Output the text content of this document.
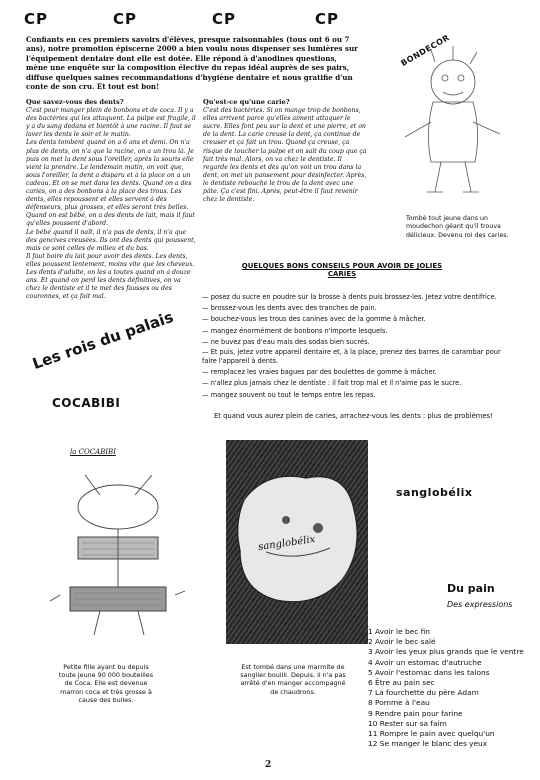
CP	CP	CP	CP
Confiants en ces premiers savoirs d'élèves, presque raisonnables (tous ont 6 ou 7 ans), notre promotion épiscerne 2000 a bien voulu nous dispenser ses lumières sur l'équipement dentaire dont elle est dotée. Elle répond à d'anodines questions, mène une enquête sur la composition élective du repas idéal auprès de ses pairs, diffuse quelques saines recommandations d'hygiène dentaire et nous gratifie d'un conte de son cru. Et tout est bon!
BONDECOR
Tombé tout jeune dans un moudechon géant qu'il trouva délicieux. Devenu roi des caries.
Que savez-vous des dents?

C'est pour manger plein de bonbons et de coca. Il y a des bactéries qui les attaquent. La pulpe est fragile, il y a du sang dedans et bientôt à une racine. Il faut se laver les dents le soir et le matin.

Les dents tombent quand on a 6 ans et demi. On n'a plus de dents, on n'a que la racine, on a un trou là. Je puis on met la dent sous l'oreiller, après la souris elle vient la prendre. Le lendemain matin, on voit que, sous l'oreiller, la dent a disparu et à la place on a un cadeau. Et on se met dans les dents. Quand on a des caries, on a des bonbons à la place des trous. Les dents, elles repoussent et elles servent à des défenseurs, plus grosses, et elles seront très belles. Quand on est bébé, on a des dents de lait, mais il faut qu'elles poussent d'abord.

Le bébé quand il naît, il n'a pas de dents, il n'a que des gencives creusées. Ils ont des dents qui poussent, mais ce sont celles de milieu et du bas.

Il faut boire du lait pour avoir des dents. Les dents, elles poussent lentement, moins vite que les cheveux. Les dents d'adulte, on les a toutes quand on a douze ans. Et quand on perd les dents définitives, on va chez le dentiste et il te met des fausses ou des couronnes, et ça fait mal.

Qu'est-ce qu'une carie?

C'est des bactéries. Si on mange trop de bonbons, elles arrivent parce qu'elles aiment attaquer le sucre. Elles font peu sur la dent et une pierre, et on de la dent. La carie creuse la dent, ça continue de creuser et ça fait un trou. Quand ça creuse, ça risque de toucher la pulpe et on sait du coup que ça fait très mal. Alors, on va chez le dentiste. Il regarde les dents et des qu'on voit un trou dans la dent, on met un pansement pour désinfecter. Après, le dentiste rebouche le trou de la dent avec une pâte. Ça c'est fini. Après, peut-être il faut revenir chez le dentiste.

QUELQUES BONS CONSEILS POUR AVOIR DE JOLIES CARIES
— posez du sucre en poudre sur la brosse à dents puis brossez-les. Jetez votre dentifrice.
— brossez-vous les dents avec des tranches de pain.
— bouchez-vous les trous des canines avec de la gomme à mâcher.
— mangez énormément de bonbons n'importe lesquels.
— ne buvez pas d'eau mais des sodas bien sucrés.
— Et puis, jetez votre appareil dentaire et, à la place, prenez des barres de carambar pour faire l'appareil à dents.
— remplacez les vraies bagues par des boulettes de gomme à mâcher.
— n'allez plus jamais chez le dentiste : il fait trop mal et il n'aime pas le sucre.
— mangez souvent ou tout le temps entre les repas.
Et quand vous aurez plein de caries, arrachez-vous les dents : plus de problèmes!
Les rois du palais
COCABIBI
la COCABIBI
Petite fille ayant bu depuis toute jeune 90 000 bouteilles de Coca. Elle est devenue marron coca et très grosse à cause des bulles.
sanglobélix
Est tombé dans une marmite de sanglier bouilli. Depuis, il n'a pas arrêté d'en manger accompagné de chaudrons.
sanglobélix
Du pain
Des expressions
1 Avoir le bec fin
2 Avoir le bec salé
3 Avoir les yeux plus grands que le ventre
4 Avoir un estomac d'autruche
5 Avoir l'estomac dans les talons
6 Être au pain sec
7 La fourchette du père Adam
8 Pomme à l'eau
9 Rendre pain pour farine
10 Rester sur sa faim
11 Rompre le pain avec quelqu'un
12 Se manger le blanc des yeux
2
